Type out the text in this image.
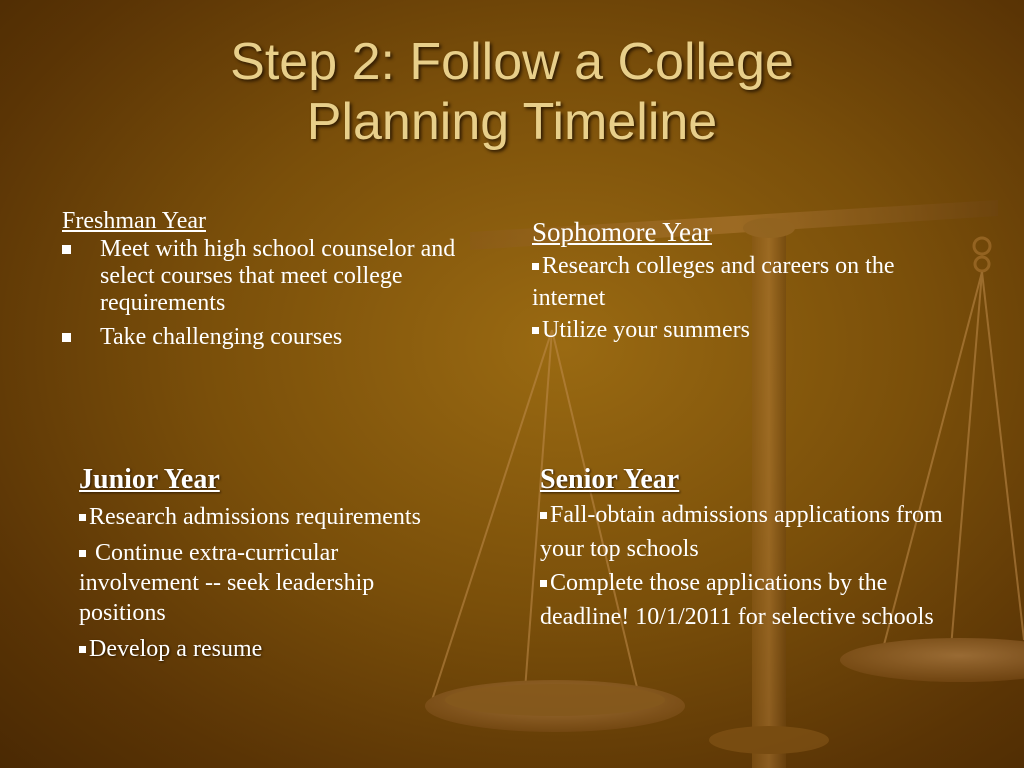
Step 2: Follow a College
Planning Timeline
Freshman Year
Meet with high school counselor and select courses that meet college requirements
Take challenging courses
Sophomore Year

Research colleges and careers on the internet

Utilize your summers

Junior Year

Research admissions requirements

Continue extra-curricular involvement -- seek leadership positions

Develop a resume

Senior Year

Fall-obtain admissions applications from your top schools

Complete those applications by the deadline! 10/1/2011 for selective schools
